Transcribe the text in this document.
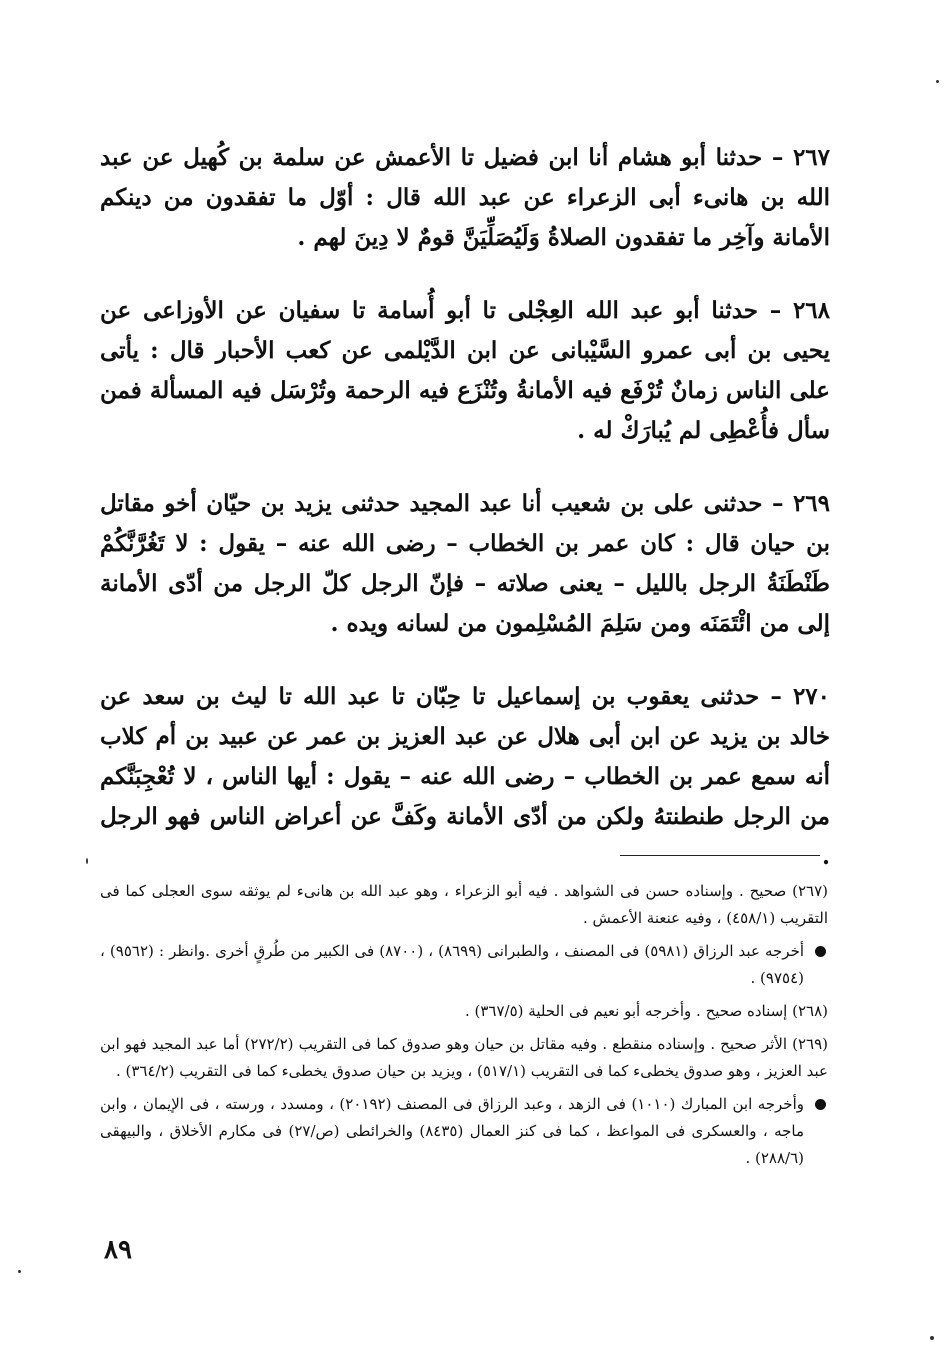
٢٦٧ – حدثنا أبو هشام أنا ابن فضيل تا الأعمش عن سلمة بن كُهيل عن عبد الله بن هانىء أبى الزعراء عن عبد الله قال : أوّل ما تفقدون من دينكم الأمانة وآخِر ما تفقدون الصلاةُ وَلَيُصَلِّيَنَّ قومٌ لا دِينَ لهم .

٢٦٨ – حدثنا أبو عبد الله العِجْلى تا أبو أُسامة تا سفيان عن الأوزاعى عن يحيى بن أبى عمرو السَّيْبانى عن ابن الدَّيْلمى عن كعب الأحبار قال : يأتى على الناس زمانٌ تُرْفَع فيه الأمانةُ وتُنْزَع فيه الرحمة وتُرْسَل فيه المسألة فمن سأل فأُعْطِى لم يُبارَكْ له .

٢٦٩ – حدثنى على بن شعيب أنا عبد المجيد حدثنى يزيد بن حيّان أخو مقاتل بن حيان قال : كان عمر بن الخطاب – رضى الله عنه – يقول : لا تَغُرَّنَّكُمْ طَنْطَنَةُ الرجل بالليل – يعنى صلاته – فإنّ الرجل كلّ الرجل من أدّى الأمانة إلى من ائْتَمَنَه ومن سَلِمَ المُسْلِمون من لسانه ويده .

٢٧٠ – حدثنى يعقوب بن إسماعيل تا حِبّان تا عبد الله تا ليث بن سعد عن خالد بن يزيد عن ابن أبى هلال عن عبد العزيز بن عمر عن عبيد بن أم كلاب أنه سمع عمر بن الخطاب – رضى الله عنه – يقول : أيها الناس ، لا تُعْجِبَنَّكم من الرجل طنطنتهُ ولكن من أدّى الأمانة وكَفَّ عن أعراض الناس فهو الرجل .

(٢٦٧) صحيح . وإسناده حسن فى الشواهد . فيه أبو الزعراء ، وهو عبد الله بن هانىء لم يوثقه سوى العجلى كما فى التقريب (٤٥٨/١) ، وفيه عنعنة الأعمش .

أخرجه عبد الرزاق (٥٩٨١) فى المصنف ، والطبرانى (٨٦٩٩) ، (٨٧٠٠) فى الكبير من طُرقٍ أخرى .وانظر : (٩٥٦٢) ، (٩٧٥٤) .

(٢٦٨) إسناده صحيح . وأخرجه أبو نعيم فى الحلية (٣٦٧/٥) .

(٢٦٩) الأثر صحيح . وإسناده منقطع . وفيه مقاتل بن حيان وهو صدوق كما فى التقريب (٢٧٢/٢) أما عبد المجيد فهو ابن عبد العزيز ، وهو صدوق يخطىء كما فى التقريب (٥١٧/١) ، ويزيد بن حيان صدوق يخطىء كما فى التقريب (٣٦٤/٢) .

وأخرجه ابن المبارك (١٠١٠) فى الزهد ، وعبد الرزاق فى المصنف (٢٠١٩٢) ، ومسدد ، ورسته ، فى الإيمان ، وابن ماجه ، والعسكرى فى المواعظ ، كما فى كنز العمال (٨٤٣٥) والخرائطى (ص/٢٧) فى مكارم الأخلاق ، والبيهقى (٢٨٨/٦) .

٨٩
